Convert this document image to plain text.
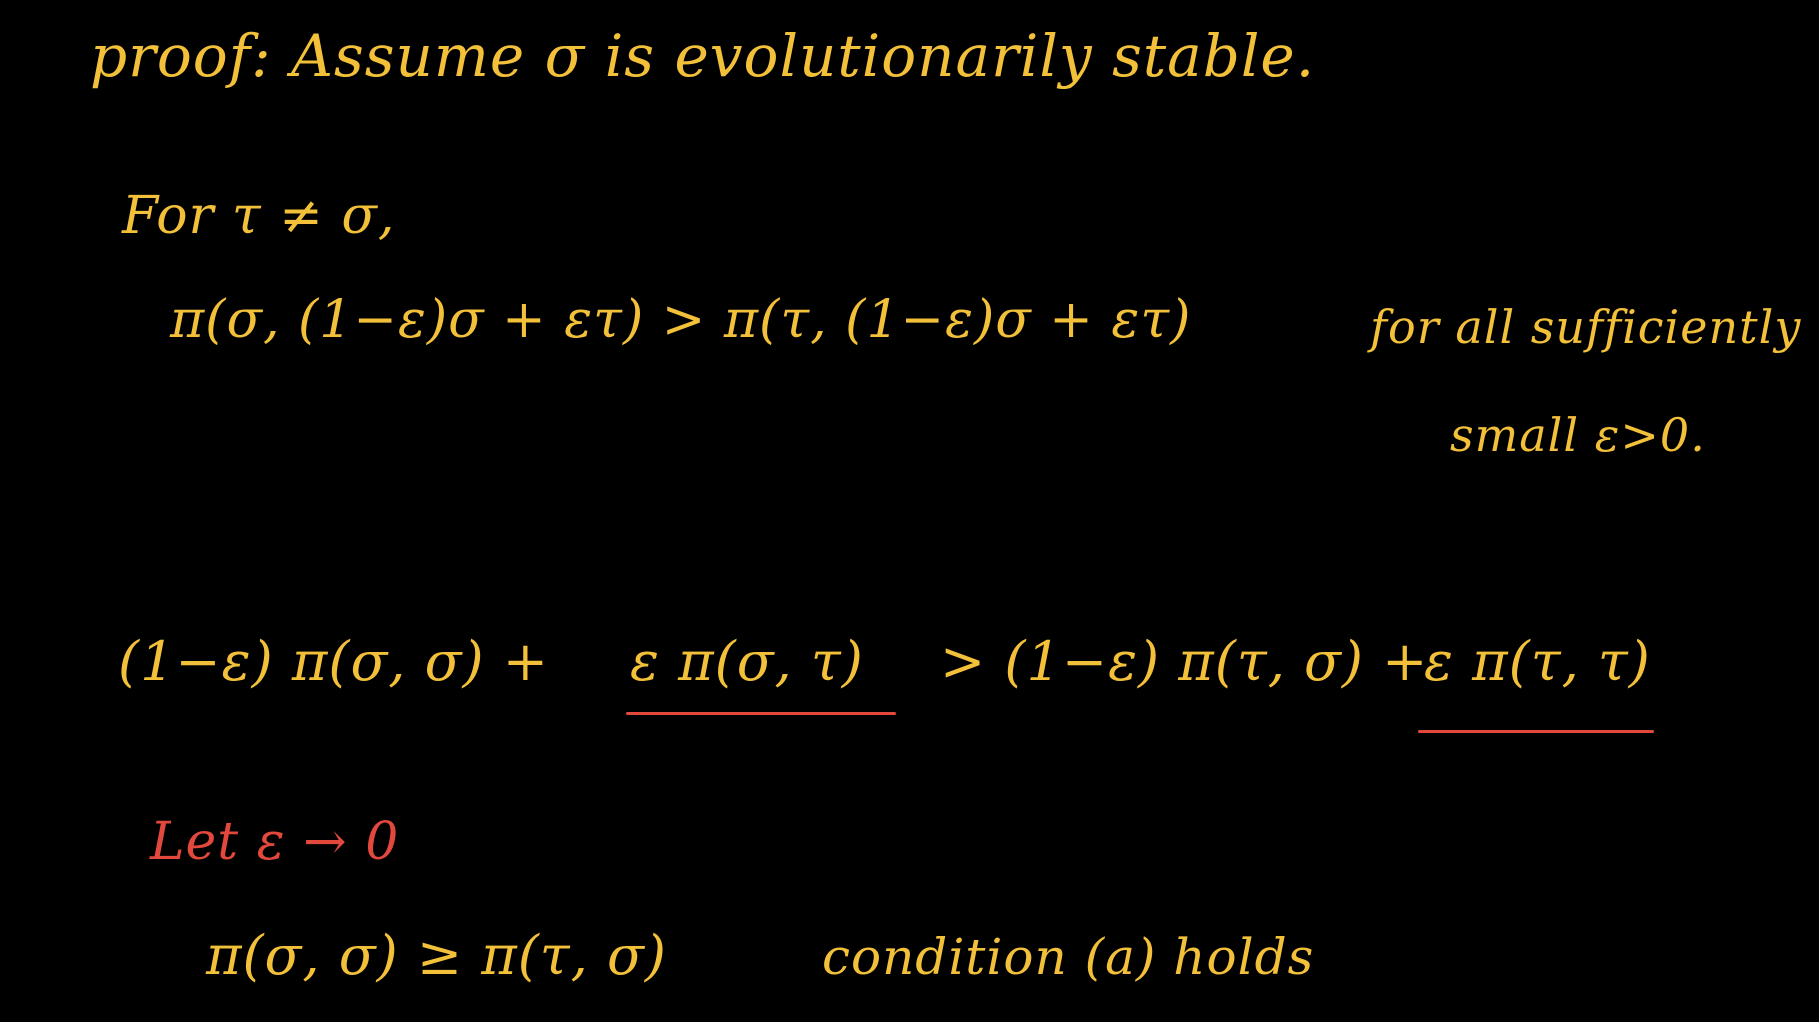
proof: Assume σ is evolutionarily stable.
For τ ≠ σ,
π(σ, (1−ε)σ + ετ) > π(τ, (1−ε)σ + ετ)	for all sufficiently
small ε>0.
(1−ε) π(σ, σ) + ε π(σ, τ) > (1−ε) π(τ, σ) +
ε π(τ, τ)
Let ε → 0
π(σ, σ) ≥ π(τ, σ)	condition (a) holds
